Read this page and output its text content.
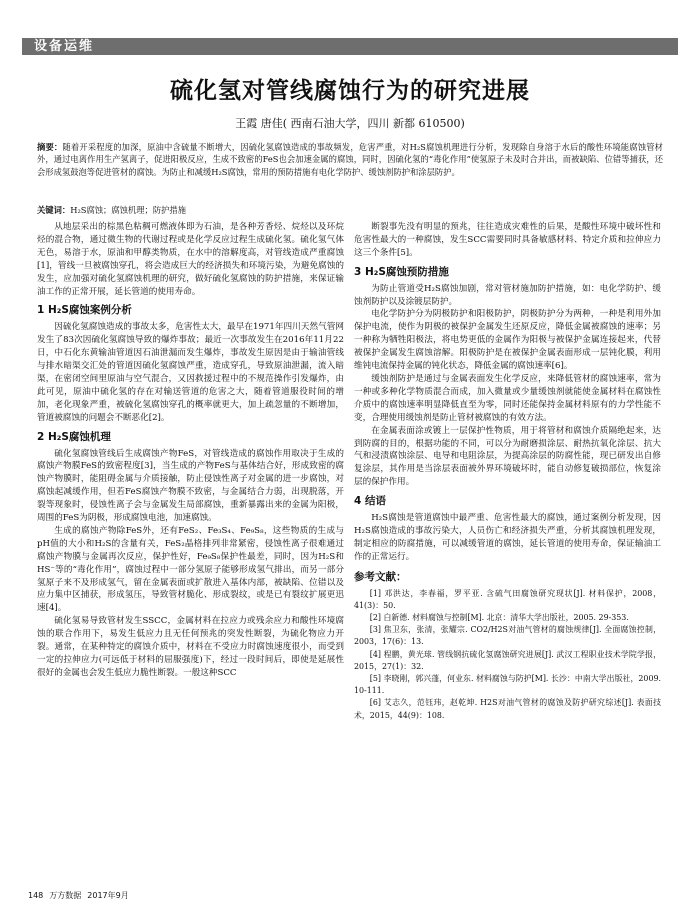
设备运维
硫化氢对管线腐蚀行为的研究进展
王霞 唐佳( 西南石油大学，四川 新都 610500)
摘要：随着开采程度的加深，原油中含硫量不断增大，因硫化氢腐蚀造成的事故频发，危害严重，对H₂S腐蚀机理进行分析，发现除自身溶于水后的酸性环境能腐蚀管材外，通过电离作用生产氢离子，促进阳极反应，生成不致密的FeS也会加速金属的腐蚀，同时，因硫化氢的“毒化作用”使氢原子未及时合并出，而被缺陷、位错等捕获，还会形成氢鼓泡等促进管材的腐蚀。为防止和减缓H₂S腐蚀，常用的预防措施有电化学防护、缓蚀剂防护和涂层防护。
关键词：H₂S腐蚀；腐蚀机理；防护措施

从地层采出的棕黑色粘稠可燃液体即为石油，是各种芳香烃、烷烃以及环烷烃的混合物，通过微生物的代谢过程或是化学反应过程生成硫化氢。硫化氢气体无色，易溶于水，原油和甲醇类物质，在水中的溶解度高，对管线造成严重腐蚀[1]，管线一旦被腐蚀穿孔，将会造成巨大的经济损失和环境污染，为避免腐蚀的发生，应加强对硫化氢腐蚀机理的研究，做好硫化氢腐蚀的防护措施，来保证输油工作的正常开展，延长管道的使用寿命。

1 H₂S腐蚀案例分析

因硫化氢腐蚀造成的事故太多，危害性太大，最早在1971年四川天然气管网发生了83次因硫化氢腐蚀导致的爆炸事故；最近一次事故发生在2016年11月22日，中石化东黄输油管道因石油泄漏而发生爆炸，事故发生原因是由于输油管线与排水暗渠交汇处的管道因硫化氢腐蚀严重，造成穿孔，导致原油泄漏，流入暗渠，在密闭空间里原油与空气混合，又因救援过程中的不规范操作引发爆炸，由此可见，原油中硫化氢的存在对输送管道的危害之大，随着管道服役时间的增加，老化现象严重，被硫化氢腐蚀穿孔的概率就更大，加上疏忽量的不断增加，管道被腐蚀的问题会不断恶化[2]。

2 H₂S腐蚀机理

硫化氢腐蚀管线后生成腐蚀产物FeS，对管线造成的腐蚀作用取决于生成的腐蚀产物膜FeS的致密程度[3]，当生成的产物FeS与基体结合好，形成致密的腐蚀产物膜时，能阻碍金属与介质接触，防止侵蚀性离子对金属的进一步腐蚀，对腐蚀起减缓作用，但若FeS腐蚀产物膜不致密，与金属结合力弱，出现脱落，开裂等现象时，侵蚀性离子会与金属发生局部腐蚀，重新暴露出来的金属为阳极，周围的FeS为阴极，形成腐蚀电池，加速腐蚀。

生成的腐蚀产物除FeS外，还有FeS₂、Fe₃S₄、Fe₉S₈，这些物质的生成与pH值的大小和H₂S的含量有关，FeS₂晶格排列非常紧密，侵蚀性离子很难通过腐蚀产物膜与金属再次反应，保护性好，Fe₉S₈保护性最差，同时，因为H₂S和HS⁻等的“毒化作用”，腐蚀过程中一部分氢原子能够形成氢气排出，而另一部分氢原子来不及形成氢气，留在金属表面或扩散进入基体内部，被缺陷、位错以及应力集中区捕获，形成氢压，导致管材脆化、形成裂纹，或是已有裂纹扩展更迅速[4]。

硫化氢易导致管材发生SSCC，金属材料在拉应力或残余应力和酸性环境腐蚀的联合作用下，易发生低应力且无任何预兆的突发性断裂，为硫化物应力开裂。通常，在某种特定的腐蚀介质中，材料在不受应力时腐蚀速度很小，而受到一定的拉伸应力(可远低于材料的屈服强度)下，经过一段时间后，即使是延展性很好的金属也会发生低应力脆性断裂。一般这种SCC

断裂事先没有明显的预兆，往往造成灾难性的后果，是酸性环境中破坏性和危害性最大的一种腐蚀，发生SCC需要同时具备敏感材料、特定介质和拉伸应力这三个条件[5]。

3 H₂S腐蚀预防措施

为防止管道受H₂S腐蚀加剧，常对管材施加防护措施，如：电化学防护、缓蚀剂防护以及涂镀层防护。

电化学防护分为阴极防护和阳极防护，阴极防护分为两种，一种是利用外加保护电流，使作为阴极的被保护金属发生还原反应，降低金属被腐蚀的速率；另一种称为牺牲阳极法，将电势更低的金属作为阳极与被保护金属连接起来，代替被保护金属发生腐蚀溶解。阳极防护是在被保护金属表面形成一层钝化膜，利用维钝电流保持金属的钝化状态，降低金属的腐蚀速率[6]。

缓蚀剂防护是通过与金属表面发生化学反应，来降低管材的腐蚀速率，常为一种或多种化学物质混合而成，加入微量或少量缓蚀剂就能使金属材料在腐蚀性介质中的腐蚀速率明显降低直至为零，同时还能保持金属材料原有的力学性能不变，合理使用缓蚀剂是防止管材被腐蚀的有效方法。

在金属表面涂或镀上一层保护性物质，用于将管材和腐蚀介质隔绝起来，达到防腐的目的，根据功能的不同，可以分为耐磨损涂层、耐热抗氧化涂层、抗大气和浸渍腐蚀涂层、电导和电阻涂层，为提高涂层的防腐性能，现已研发出自修复涂层，其作用是当涂层表面被外界环境破坏时，能自动修复破损部位，恢复涂层的保护作用。

4 结语

H₂S腐蚀是管道腐蚀中最严重、危害性最大的腐蚀，通过案例分析发现，因H₂S腐蚀造成的事故污染大，人员伤亡和经济损失严重，分析其腐蚀机理发现，制定相应的防腐措施，可以减缓管道的腐蚀，延长管道的使用寿命，保证输油工作的正常运行。

参考文献：

[1] 邓洪达，李春福，罗平亚. 含硫气田腐蚀研究现状[J]. 材料保护，2008，41(3)：50.

[2] 白新德. 材料腐蚀与控制[M]. 北京：清华大学出版社，2005. 29-353.

[3] 焦卫东，张清，张耀宗. CO2/H2S对油气管材的腐蚀规律[J]. 全面腐蚀控制，2003，17(6)：13.

[4] 程鹏，黄光球. 管线钢抗硫化氢腐蚀研究进展[J]. 武汉工程职业技术学院学报，2015，27(1)：32.

[5] 李晓刚，郭兴蓬，何业东. 材料腐蚀与防护[M]. 长沙：中南大学出版社，2009. 10-111.

[6] 艾志久，范钰玮，赵乾坤. H2S对油气管材的腐蚀及防护研究综述[J]. 表面技术，2015，44(9)：108.

148 万方数据 2017年9月
